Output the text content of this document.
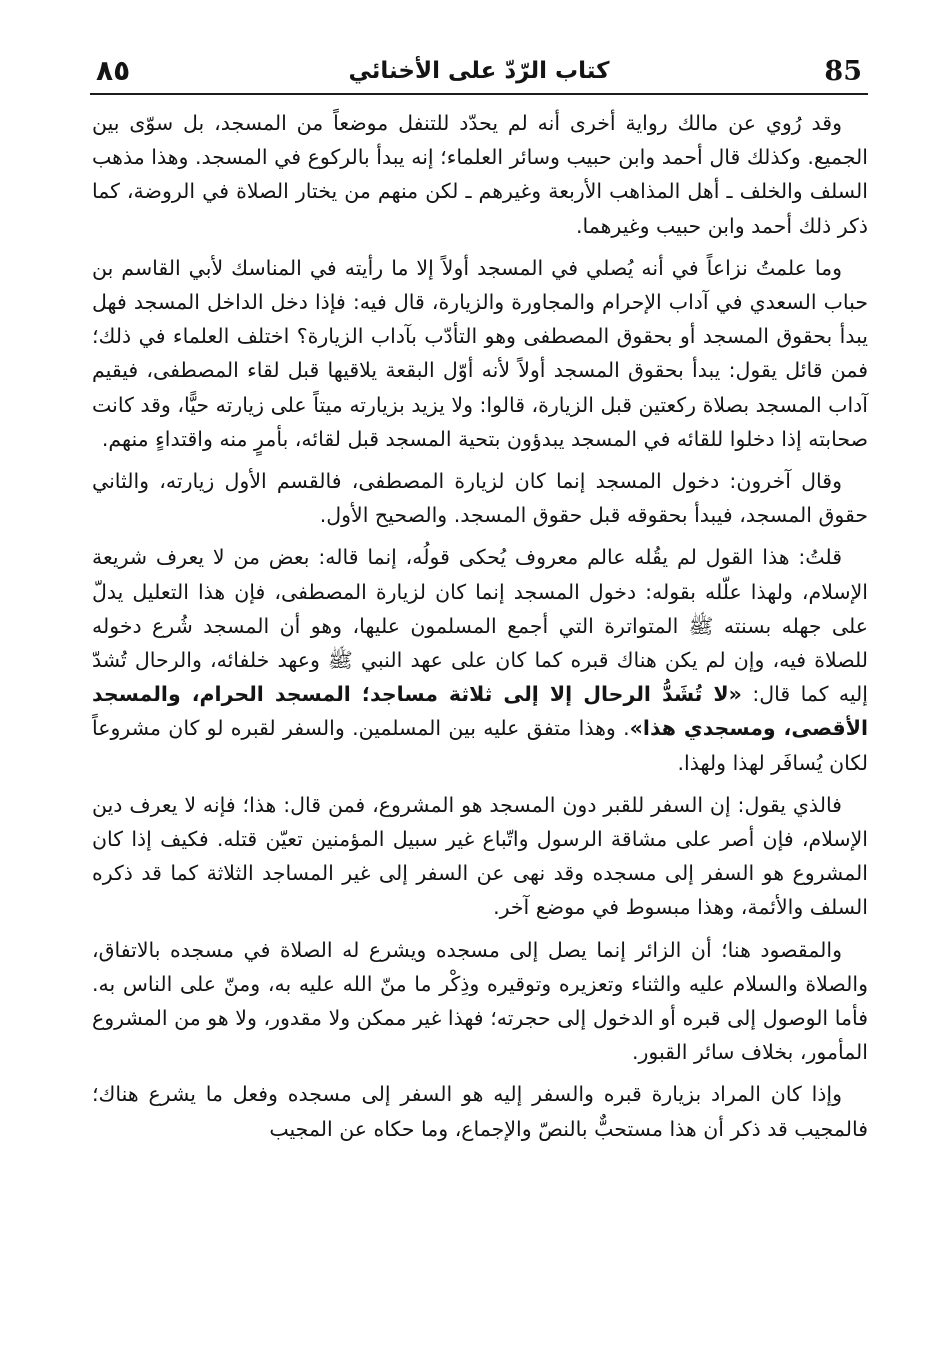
85
كتاب الرّدّ على الأخنائي
٨٥

وقد رُوي عن مالك رواية أخرى أنه لم يحدّد للتنفل موضعاً من المسجد، بل سوّى بين الجميع. وكذلك قال أحمد وابن حبيب وسائر العلماء؛ إنه يبدأ بالركوع في المسجد. وهذا مذهب السلف والخلف ـ أهل المذاهب الأربعة وغيرهم ـ لكن منهم من يختار الصلاة في الروضة، كما ذكر ذلك أحمد وابن حبيب وغيرهما.

وما علمتُ نزاعاً في أنه يُصلي في المسجد أولاً إلا ما رأيته في المناسك لأبي القاسم بن حباب السعدي في آداب الإحرام والمجاورة والزيارة، قال فيه: فإذا دخل الداخل المسجد فهل يبدأ بحقوق المسجد أو بحقوق المصطفى وهو التأدّب بآداب الزيارة؟ اختلف العلماء في ذلك؛ فمن قائل يقول: يبدأ بحقوق المسجد أولاً لأنه أوّل البقعة يلاقيها قبل لقاء المصطفى، فيقيم آداب المسجد بصلاة ركعتين قبل الزيارة، قالوا: ولا يزيد بزيارته ميتاً على زيارته حيًّا، وقد كانت صحابته إذا دخلوا للقائه في المسجد يبدؤون بتحية المسجد قبل لقائه، بأمرٍ منه واقتداءٍ منهم.

وقال آخرون: دخول المسجد إنما كان لزيارة المصطفى، فالقسم الأول زيارته، والثاني حقوق المسجد، فيبدأ بحقوقه قبل حقوق المسجد. والصحيح الأول.

قلتُ: هذا القول لم يقُله عالم معروف يُحكى قولُه، إنما قاله: بعض من لا يعرف شريعة الإسلام، ولهذا علّله بقوله: دخول المسجد إنما كان لزيارة المصطفى، فإن هذا التعليل يدلّ على جهله بسنته ﷺ المتواترة التي أجمع المسلمون عليها، وهو أن المسجد شُرع دخوله للصلاة فيه، وإن لم يكن هناك قبره كما كان على عهد النبي ﷺ وعهد خلفائه، والرحال تُشدّ إليه كما قال: «لا تُشَدُّ الرحال إلا إلى ثلاثة مساجد؛ المسجد الحرام، والمسجد الأقصى، ومسجدي هذا». وهذا متفق عليه بين المسلمين. والسفر لقبره لو كان مشروعاً لكان يُسافَر لهذا ولهذا.

فالذي يقول: إن السفر للقبر دون المسجد هو المشروع، فمن قال: هذا؛ فإنه لا يعرف دين الإسلام، فإن أصر على مشاقة الرسول واتّباع غير سبيل المؤمنين تعيّن قتله. فكيف إذا كان المشروع هو السفر إلى مسجده وقد نهى عن السفر إلى غير المساجد الثلاثة كما قد ذكره السلف والأئمة، وهذا مبسوط في موضع آخر.

والمقصود هنا؛ أن الزائر إنما يصل إلى مسجده ويشرع له الصلاة في مسجده بالاتفاق، والصلاة والسلام عليه والثناء وتعزيره وتوقيره وذِكْر ما منّ الله عليه به، ومنّ على الناس به. فأما الوصول إلى قبره أو الدخول إلى حجرته؛ فهذا غير ممكن ولا مقدور، ولا هو من المشروع المأمور، بخلاف سائر القبور.

وإذا كان المراد بزيارة قبره والسفر إليه هو السفر إلى مسجده وفعل ما يشرع هناك؛ فالمجيب قد ذكر أن هذا مستحبٌّ بالنصّ والإجماع، وما حكاه عن المجيب
